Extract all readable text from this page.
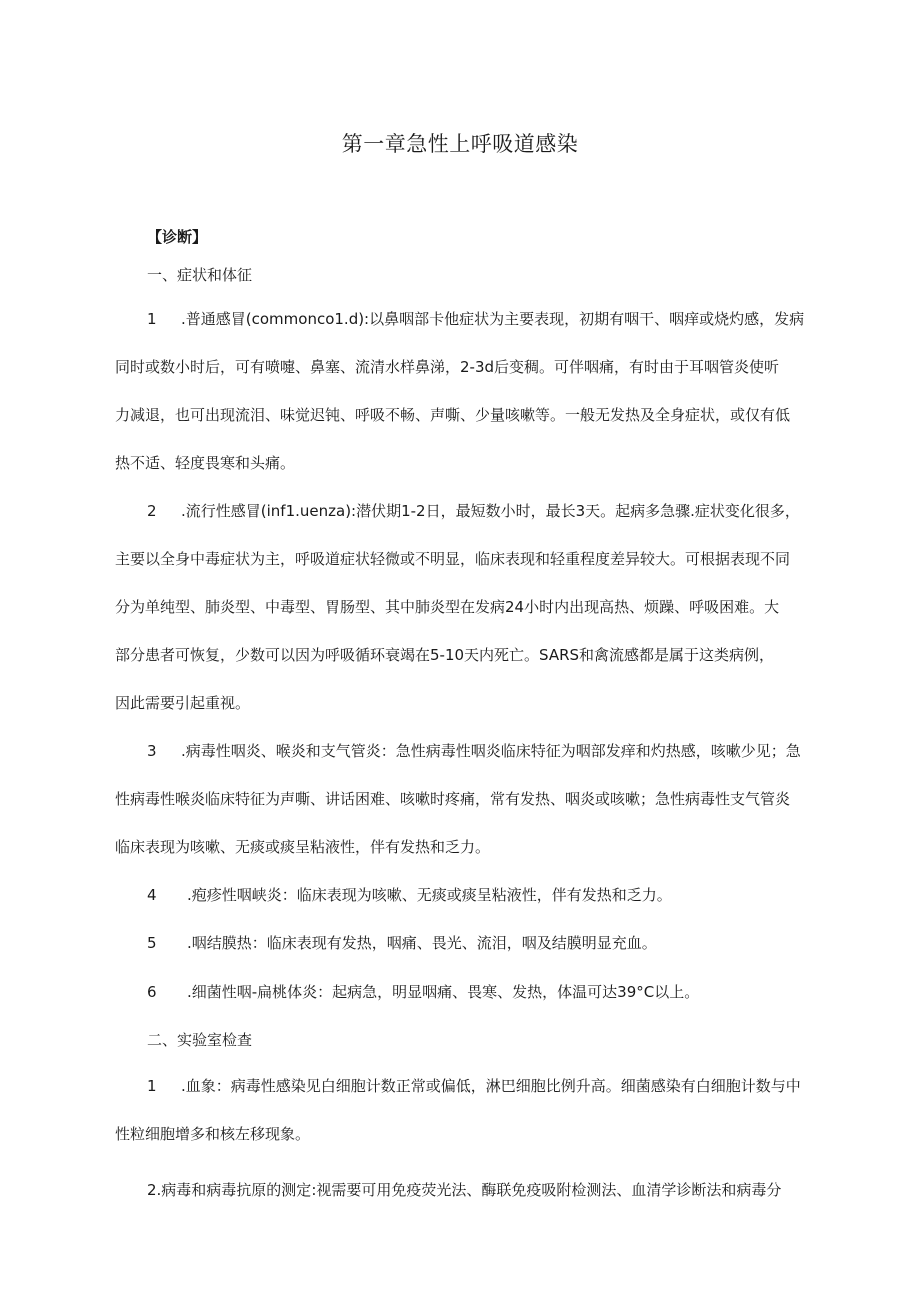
第一章急性上呼吸道感染

【诊断】

一、症状和体征

1 .普通感冒(commonco1.d):以鼻咽部卡他症状为主要表现，初期有咽干、咽痒或烧灼感，发病

同时或数小时后，可有喷嚏、鼻塞、流清水样鼻涕，2-3d后变稠。可伴咽痛，有时由于耳咽管炎使听

力减退，也可出现流泪、味觉迟钝、呼吸不畅、声嘶、少量咳嗽等。一般无发热及全身症状，或仅有低

热不适、轻度畏寒和头痛。

2 .流行性感冒(inf1.uenza):潜伏期1-2日，最短数小时，最长3天。起病多急骤.症状变化很多，

主要以全身中毒症状为主，呼吸道症状轻微或不明显，临床表现和轻重程度差异较大。可根据表现不同

分为单纯型、肺炎型、中毒型、胃肠型、其中肺炎型在发病24小时内出现高热、烦躁、呼吸困难。大

部分患者可恢复，少数可以因为呼吸循环衰竭在5-10天内死亡。SARS和禽流感都是属于这类病例，

因此需要引起重视。

3 .病毒性咽炎、喉炎和支气管炎：急性病毒性咽炎临床特征为咽部发痒和灼热感，咳嗽少见；急

性病毒性喉炎临床特征为声嘶、讲话困难、咳嗽时疼痛，常有发热、咽炎或咳嗽；急性病毒性支气管炎

临床表现为咳嗽、无痰或痰呈粘液性，伴有发热和乏力。

4 .疱疹性咽峡炎：临床表现为咳嗽、无痰或痰呈粘液性，伴有发热和乏力。

5 .咽结膜热：临床表现有发热，咽痛、畏光、流泪，咽及结膜明显充血。

6 .细菌性咽-扁桃体炎：起病急，明显咽痛、畏寒、发热，体温可达39°C以上。

二、实验室检查

1 .血象：病毒性感染见白细胞计数正常或偏低，淋巴细胞比例升高。细菌感染有白细胞计数与中

性粒细胞增多和核左移现象。

2.病毒和病毒抗原的测定:视需要可用免疫荧光法、酶联免疫吸附检测法、血清学诊断法和病毒分
